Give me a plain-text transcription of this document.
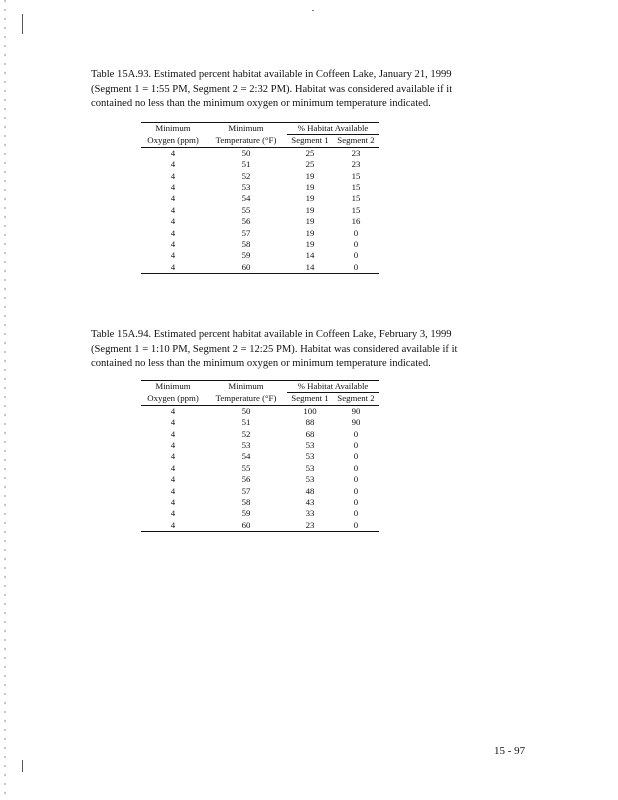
Table 15A.93. Estimated percent habitat available in Coffeen Lake, January 21, 1999 (Segment 1 = 1:55 PM, Segment 2 = 2:32 PM). Habitat was considered available if it contained no less than the minimum oxygen or minimum temperature indicated.
Minimum	Minimum	% Habitat Available	
Oxygen (ppm)	Temperature (°F)	Segment 1	Segment 2
4	50	25	23
4	51	25	23
4	52	19	15
4	53	19	15
4	54	19	15
4	55	19	15
4	56	19	16
4	57	19	0
4	58	19	0
4	59	14	0
4	60	14	0
Table 15A.94. Estimated percent habitat available in Coffeen Lake, February 3, 1999 (Segment 1 = 1:10 PM, Segment 2 = 12:25 PM). Habitat was considered available if it contained no less than the minimum oxygen or minimum temperature indicated.
Minimum	Minimum	% Habitat Available	
Oxygen (ppm)	Temperature (°F)	Segment 1	Segment 2
4	50	100	90
4	51	88	90
4	52	68	0
4	53	53	0
4	54	53	0
4	55	53	0
4	56	53	0
4	57	48	0
4	58	43	0
4	59	33	0
4	60	23	0
15 - 97
